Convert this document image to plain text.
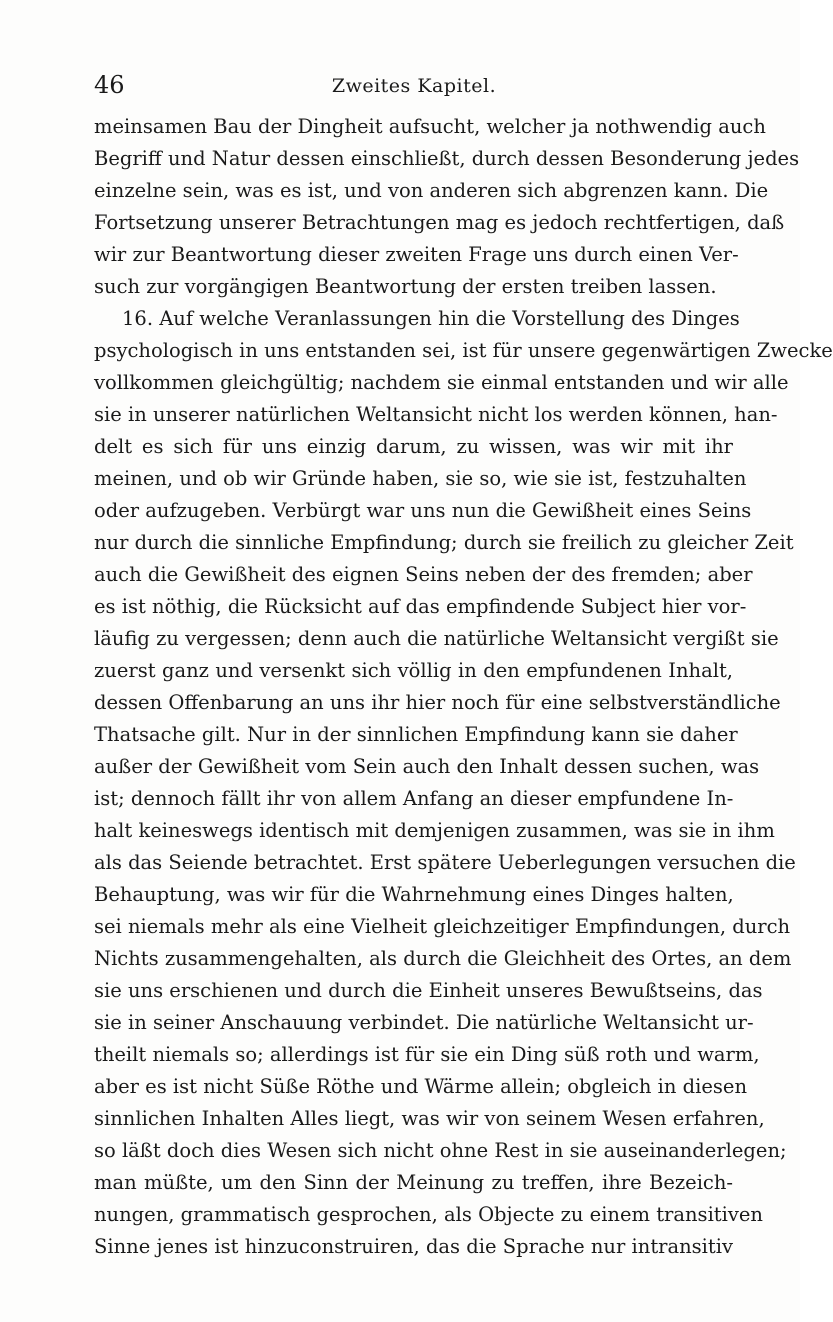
46	Zweites Kapitel.
meinsamen Bau der Dingheit aufsucht, welcher ja nothwendig auch
Begriff und Natur dessen einschließt, durch dessen Besonderung jedes
einzelne sein, was es ist, und von anderen sich abgrenzen kann. Die
Fortsetzung unserer Betrachtungen mag es jedoch rechtfertigen, daß
wir zur Beantwortung dieser zweiten Frage uns durch einen Ver-
such zur vorgängigen Beantwortung der ersten treiben lassen.
16. Auf welche Veranlassungen hin die Vorstellung des Dinges
psychologisch in uns entstanden sei, ist für unsere gegenwärtigen Zwecke
vollkommen gleichgültig; nachdem sie einmal entstanden und wir alle
sie in unserer natürlichen Weltansicht nicht los werden können, han-
delt es sich für uns einzig darum, zu wissen, was wir mit ihr
meinen, und ob wir Gründe haben, sie so, wie sie ist, festzuhalten
oder aufzugeben. Verbürgt war uns nun die Gewißheit eines Seins
nur durch die sinnliche Empfindung; durch sie freilich zu gleicher Zeit
auch die Gewißheit des eignen Seins neben der des fremden; aber
es ist nöthig, die Rücksicht auf das empfindende Subject hier vor-
läufig zu vergessen; denn auch die natürliche Weltansicht vergißt sie
zuerst ganz und versenkt sich völlig in den empfundenen Inhalt,
dessen Offenbarung an uns ihr hier noch für eine selbstverständliche
Thatsache gilt. Nur in der sinnlichen Empfindung kann sie daher
außer der Gewißheit vom Sein auch den Inhalt dessen suchen, was
ist; dennoch fällt ihr von allem Anfang an dieser empfundene In-
halt keineswegs identisch mit demjenigen zusammen, was sie in ihm
als das Seiende betrachtet. Erst spätere Ueberlegungen versuchen die
Behauptung, was wir für die Wahrnehmung eines Dinges halten,
sei niemals mehr als eine Vielheit gleichzeitiger Empfindungen, durch
Nichts zusammengehalten, als durch die Gleichheit des Ortes, an dem
sie uns erschienen und durch die Einheit unseres Bewußtseins, das
sie in seiner Anschauung verbindet. Die natürliche Weltansicht ur-
theilt niemals so; allerdings ist für sie ein Ding süß roth und warm,
aber es ist nicht Süße Röthe und Wärme allein; obgleich in diesen
sinnlichen Inhalten Alles liegt, was wir von seinem Wesen erfahren,
so läßt doch dies Wesen sich nicht ohne Rest in sie auseinanderlegen;
man müßte, um den Sinn der Meinung zu treffen, ihre Bezeich-
nungen, grammatisch gesprochen, als Objecte zu einem transitiven
Sinne jenes ist hinzuconstruiren, das die Sprache nur intransitiv
